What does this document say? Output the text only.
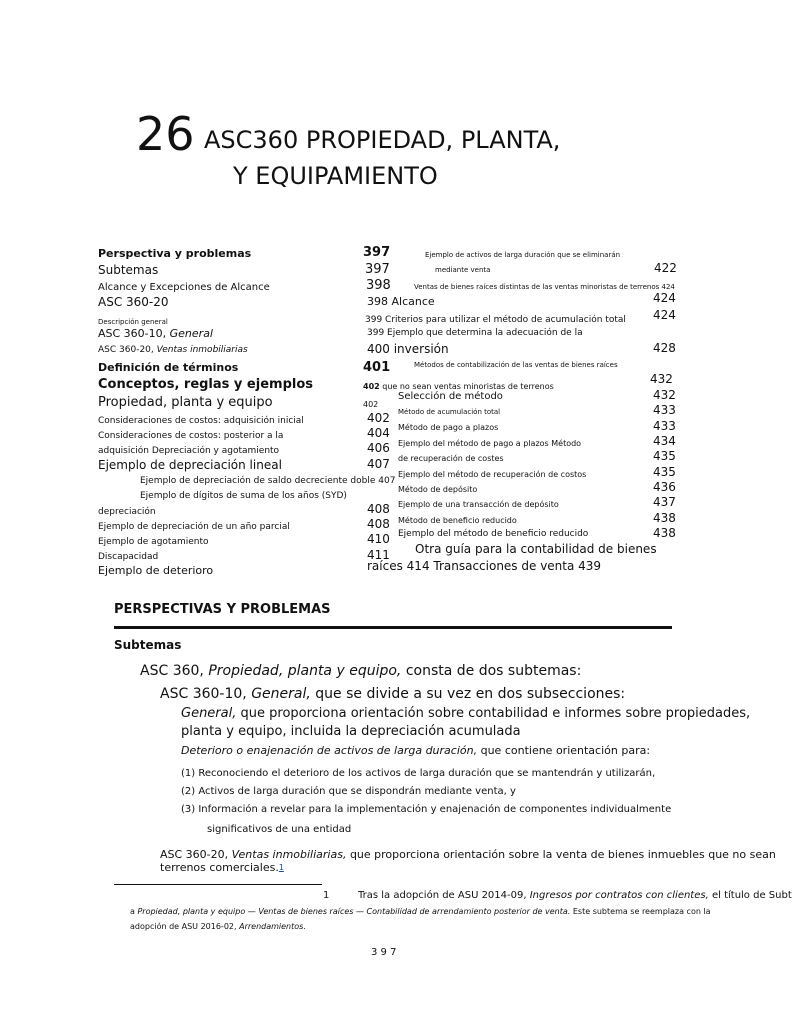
26 ASC360 PROPIEDAD, PLANTA,
Y EQUIPAMIENTO
Perspectiva y problemas
Subtemas
Alcance y Excepciones de Alcance
ASC 360-20
Descripción general
ASC 360-10, General
ASC 360-20, Ventas inmobiliarias
Definición de términos
Conceptos, reglas y ejemplos
Propiedad, planta y equipo
Consideraciones de costos: adquisición inicial
Consideraciones de costos: posterior a la
adquisición Depreciación y agotamiento
Ejemplo de depreciación lineal
Ejemplo de depreciación de saldo decreciente doble 407
Ejemplo de dígitos de suma de los años (SYD)
depreciación
Ejemplo de depreciación de un año parcial
Ejemplo de agotamiento
Discapacidad
Ejemplo de deterioro
397
397
398
401
402
402
404
406
407
408
408
410
411
398 Alcance
399 Criterios para utilizar el método de acumulación total
399 Ejemplo que determina la adecuación de la
400 inversión
402 que no sean ventas minoristas de terrenos
Selección de método
Método de acumulación total
Método de pago a plazos
Ejemplo del método de pago a plazos Método
de recuperación de costes
Ejemplo del método de recuperación de costos
Método de depósito
Ejemplo de una transacción de depósito
Método de beneficio reducido
Ejemplo del método de beneficio reducido
Otra guía para la contabilidad de bienes
raíces 414 Transacciones de venta 439
Ejemplo de activos de larga duración que se eliminarán
mediante venta
Ventas de bienes raíces distintas de las ventas minoristas de terrenos 424
Métodos de contabilización de las ventas de bienes raíces
422
424
424
428
432
432
433
433
434
435
435
436
437
438
438
PERSPECTIVAS Y PROBLEMAS
Subtemas
ASC 360, Propiedad, planta y equipo, consta de dos subtemas:
ASC 360-10, General, que se divide a su vez en dos subsecciones:
General, que proporciona orientación sobre contabilidad e informes sobre propiedades,
planta y equipo, incluida la depreciación acumulada
Deterioro o enajenación de activos de larga duración, que contiene orientación para:
(1) Reconociendo el deterioro de los activos de larga duración que se mantendrán y utilizarán,
(2) Activos de larga duración que se dispondrán mediante venta, y
(3) Información a revelar para la implementación y enajenación de componentes individualmente
significativos de una entidad
ASC 360-20, Ventas inmobiliarias, que proporciona orientación sobre la venta de bienes inmuebles que no sean
terrenos comerciales.1
1	Tras la adopción de ASU 2014-09, Ingresos por contratos con clientes, el título de Subt
a Propiedad, planta y equipo — Ventas de bienes raíces — Contabilidad de arrendamiento posterior de venta. Este subtema se reemplaza con la
adopción de ASU 2016-02, Arrendamientos.
3 9 7
